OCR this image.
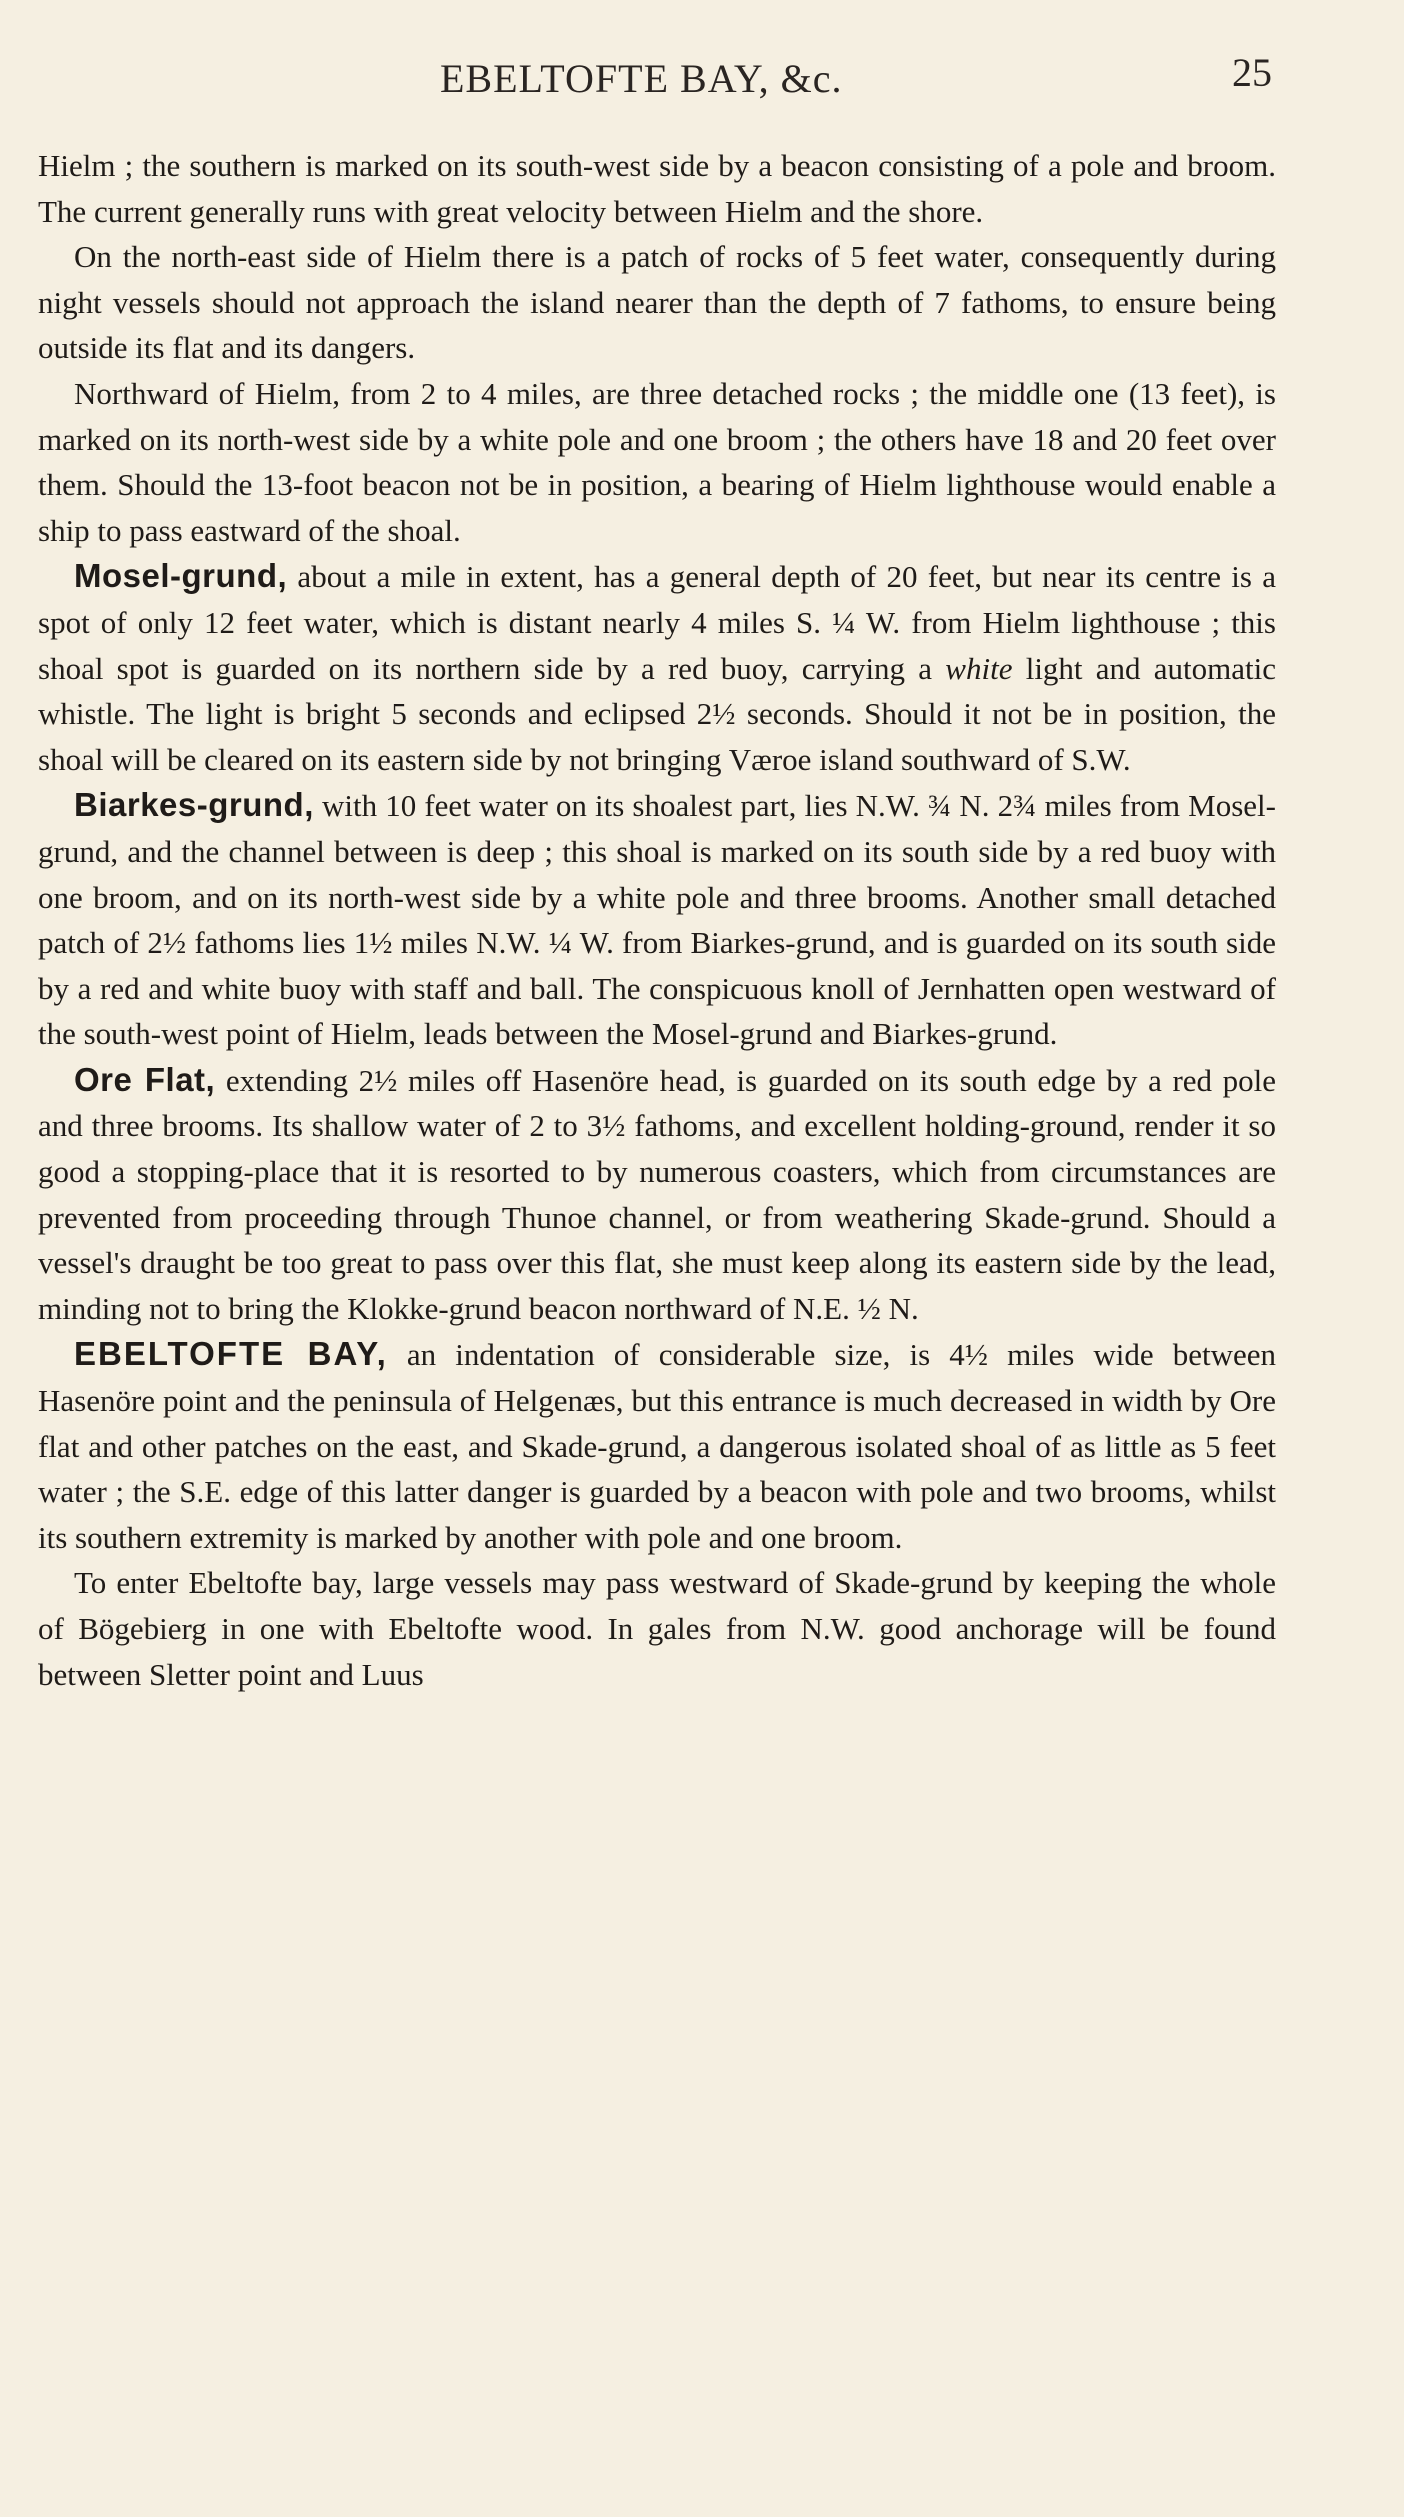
EBELTOFTE BAY, &c.	25

Hielm ; the southern is marked on its south-west side by a beacon consisting of a pole and broom. The current generally runs with great velocity between Hielm and the shore.

On the north-east side of Hielm there is a patch of rocks of 5 feet water, consequently during night vessels should not approach the island nearer than the depth of 7 fathoms, to ensure being outside its flat and its dangers.

Northward of Hielm, from 2 to 4 miles, are three detached rocks ; the middle one (13 feet), is marked on its north-west side by a white pole and one broom ; the others have 18 and 20 feet over them. Should the 13-foot beacon not be in position, a bearing of Hielm lighthouse would enable a ship to pass eastward of the shoal.

Mosel-grund, about a mile in extent, has a general depth of 20 feet, but near its centre is a spot of only 12 feet water, which is distant nearly 4 miles S. ¼ W. from Hielm lighthouse ; this shoal spot is guarded on its northern side by a red buoy, carrying a white light and automatic whistle. The light is bright 5 seconds and eclipsed 2½ seconds. Should it not be in position, the shoal will be cleared on its eastern side by not bringing Væroe island southward of S.W.

Biarkes-grund, with 10 feet water on its shoalest part, lies N.W. ¾ N. 2¾ miles from Mosel-grund, and the channel between is deep ; this shoal is marked on its south side by a red buoy with one broom, and on its north-west side by a white pole and three brooms. Another small detached patch of 2½ fathoms lies 1½ miles N.W. ¼ W. from Biarkes-grund, and is guarded on its south side by a red and white buoy with staff and ball. The conspicuous knoll of Jernhatten open westward of the south-west point of Hielm, leads between the Mosel-grund and Biarkes-grund.

Ore Flat, extending 2½ miles off Hasenöre head, is guarded on its south edge by a red pole and three brooms. Its shallow water of 2 to 3½ fathoms, and excellent holding-ground, render it so good a stopping-place that it is resorted to by numerous coasters, which from circumstances are prevented from proceeding through Thunoe channel, or from weathering Skade-grund. Should a vessel's draught be too great to pass over this flat, she must keep along its eastern side by the lead, minding not to bring the Klokke-grund beacon northward of N.E. ½ N.

EBELTOFTE BAY, an indentation of considerable size, is 4½ miles wide between Hasenöre point and the peninsula of Helgenæs, but this entrance is much decreased in width by Ore flat and other patches on the east, and Skade-grund, a dangerous isolated shoal of as little as 5 feet water ; the S.E. edge of this latter danger is guarded by a beacon with pole and two brooms, whilst its southern extremity is marked by another with pole and one broom.

To enter Ebeltofte bay, large vessels may pass westward of Skade-grund by keeping the whole of Bögebierg in one with Ebeltofte wood. In gales from N.W. good anchorage will be found between Sletter point and Luus
